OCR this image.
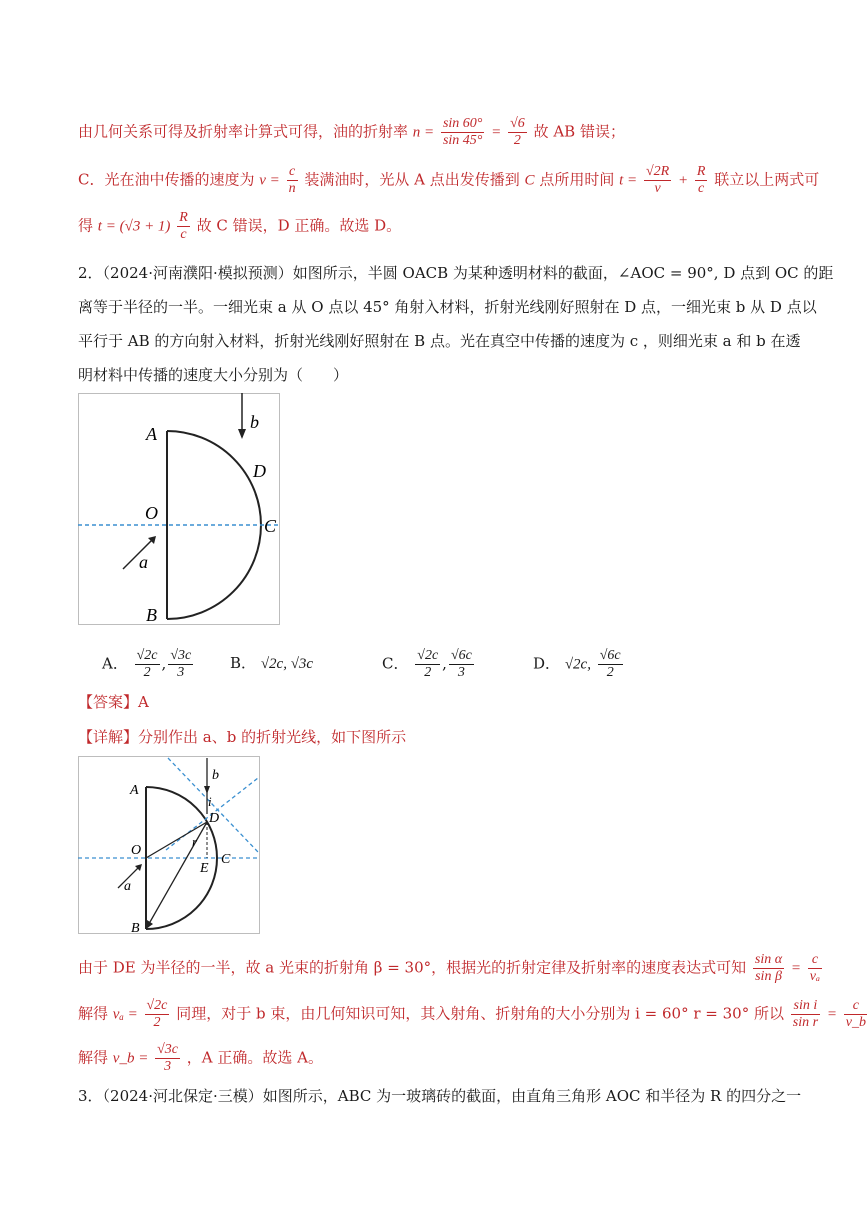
由几何关系可得及折射率计算式可得，油的折射率 $n = \frac{\sin 60^\circ}{\sin 45^\circ} = \frac{√6}{2}$ 故 AB 错误；
C．光在油中传播的速度为 $v = \frac{c}{n}$ 装满油时，光从 A 点出发传播到 C 点所用时间 $t = \frac{√2R}{v} + \frac{R}{c}$ 联立以上两式可
得 $t = (√3 + 1) \frac{R}{c}$ 故 C 错误，D 正确。故选 D。
2．（2024·河南濮阳·模拟预测）如图所示，半圆 OACB 为某种透明材料的截面，∠AOC = 90°, D 点到 OC 的距
离等于半径的一半。一细光束 a 从 O 点以 45° 角射入材料，折射光线刚好照射在 D 点，一细光束 b 从 D 点以
平行于 AB 的方向射入材料，折射光线刚好照射在 B 点。光在真空中传播的速度为 c ，则细光束 a 和 b 在透
明材料中传播的速度大小分别为（　　）
A
b
D
O
C
a
B
A． $\frac{√2c}{2}$ , $\frac{√3c}{3}$ B． √2c, √3c	C． $\frac{√2c}{2}$ , $\frac{√6c}{3}$	D． √2c, $\frac{√6c}{2}$
【答案】A
【详解】分别作出 a、b 的折射光线，如下图所示
A
b
i
D
O
r
E
C
a
B
由于 DE 为半径的一半，故 a 光束的折射角 β = 30°，根据光的折射定律及折射率的速度表达式可知 $\frac{\text{sin α}}{\text{sin β}} = \frac{c}{\text{vₐ}}$
解得 $v_a = \frac{√2c}{2}$ 同理，对于 b 束，由几何知识可知，其入射角、折射角的大小分别为 i = 60° r = 30° 所以 $\frac{\text{sin i}}{\text{sin r}} = \frac{c}{v\_b}$
解得 v_b = $\frac{√3c}{3}$ ，A 正确。故选 A。
3．（2024·河北保定·三模）如图所示，ABC 为一玻璃砖的截面，由直角三角形 AOC 和半径为 R 的四分之一
